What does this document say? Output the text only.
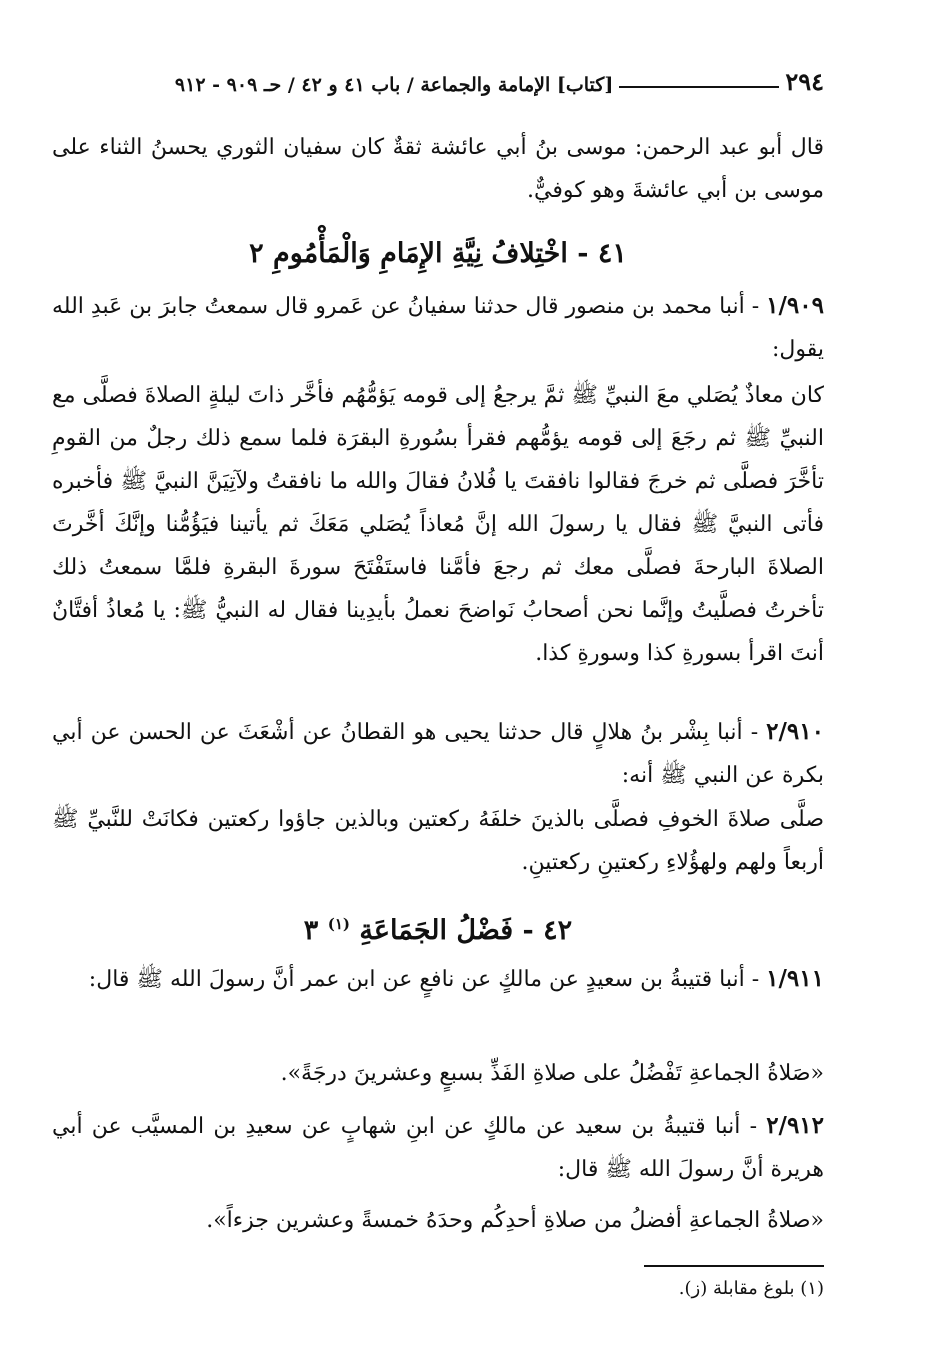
٢٩٤
[كتاب] الإمامة والجماعة / باب ٤١ و ٤٢ / حـ ٩٠٩ - ٩١٢

قال أبو عبد الرحمن: موسى بنُ أبي عائشة ثقةٌ كان سفيان الثوري يحسنُ الثناء على موسى بن أبي عائشةَ وهو كوفيٌّ.

٤١ - اخْتِلافُ نِيَّةِ الإِمَامِ وَالْمَأْمُومِ ٢

١/٩٠٩ - أنبا محمد بن منصور قال حدثنا سفيانُ عن عَمرو قال سمعتُ جابرَ بن عَبدِ الله يقول:

كان معاذٌ يُصَلي معَ النبيِّ ﷺ ثمَّ يرجعُ إلى قومه يَؤمُّهُم فأخَّر ذاتَ ليلةٍ الصلاةَ فصلَّى مع النبيِّ ﷺ ثم رجَعَ إلى قومه يؤمُّهم فقرأ بسُورةِ البقرَة فلما سمع ذلك رجلٌ من القومِ تأخَّرَ فصلَّى ثم خرجَ فقالوا نافقتَ يا فُلانُ فقالَ والله ما نافقتُ ولآتِيَنَّ النبيَّ ﷺ فأخبره فأتى النبيَّ ﷺ فقال يا رسولَ الله إنَّ مُعاذاً يُصَلي مَعَكَ ثم يأتينا فيَؤُمُّنا وإنَّكَ أخَّرتَ الصلاةَ البارحةَ فصلَّى معك ثم رجعَ فأمَّنا فاستَفْتَحَ سورةَ البقرةِ فلمَّا سمعتُ ذلك تأخرتُ فصلَّيتُ وإنَّما نحن أصحابُ نَواضحَ نعملُ بأيدِينا فقال له النبيُّ ﷺ: يا مُعاذُ أفتَّانٌ أنتَ اقرأ بسورةِ كذا وسورةِ كذا.

٢/٩١٠ - أنبا بِشْر بنُ هلالٍ قال حدثنا يحيى هو القطانُ عن أشْعَثَ عن الحسن عن أبي بكرة عن النبي ﷺ أنه:

صلَّى صلاةَ الخوفِ فصلَّى بالذينَ خلفَهُ ركعتين وبالذين جاؤوا ركعتين فكانَتْ للنَّبيِّ ﷺ أربعاً ولهم ولهؤُلاءِ ركعتينِ ركعتينِ.

٤٢ - فَضْلُ الجَمَاعَةِ $^{(١)}$ ٣

١/٩١١ - أنبا قتيبةُ بن سعيدٍ عن مالكٍ عن نافعٍ عن ابن عمر أنَّ رسولَ الله ﷺ قال:

«صَلاةُ الجماعةِ تَفْضُلُ على صلاةِ الفَذِّ بسبعٍ وعشرينَ درجَةً».

٢/٩١٢ - أنبا قتيبةُ بن سعيد عن مالكٍ عن ابنِ شهابٍ عن سعيدِ بن المسيَّب عن أبي هريرة أنَّ رسولَ الله ﷺ قال:

«صلاةُ الجماعةِ أفضلُ من صلاةِ أحدِكُم وحدَهُ خمسةً وعشرين جزءاً».

(١) بلوغ مقابلة (ز).
